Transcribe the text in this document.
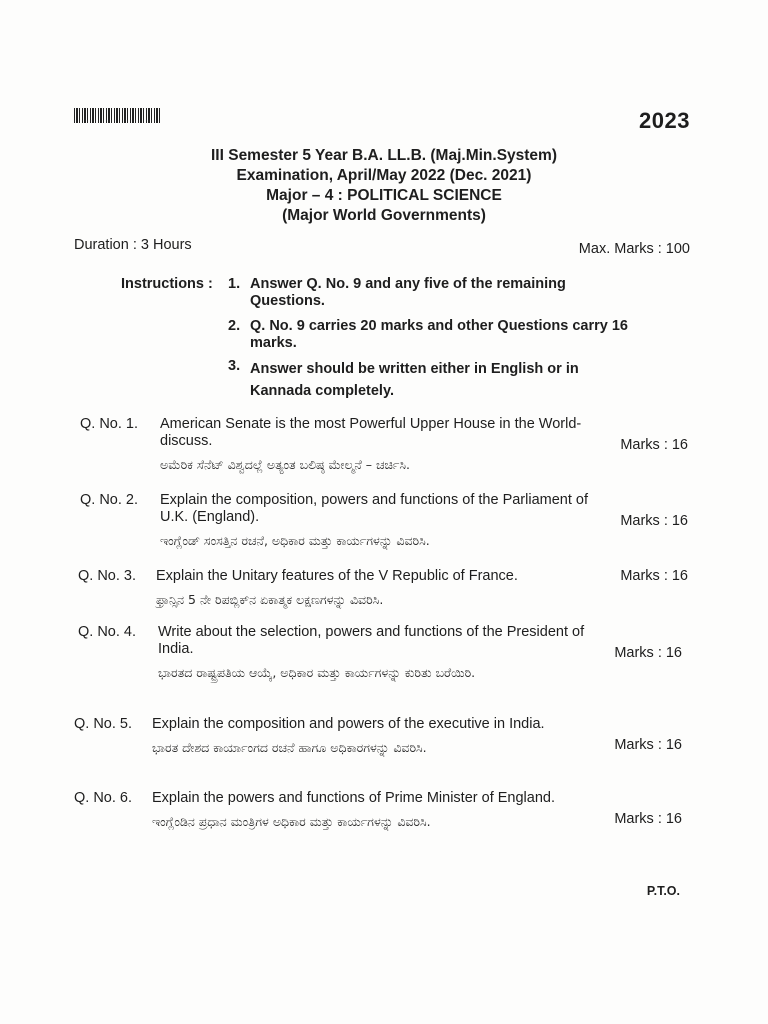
2023
III Semester 5 Year B.A. LL.B. (Maj.Min.System)
Examination, April/May 2022 (Dec. 2021)
Major – 4 : POLITICAL SCIENCE
(Major World Governments)
Duration : 3 Hours	Max. Marks : 100
Instructions :	1. Answer Q. No. 9 and any five of the remaining Questions.
2. Q. No. 9 carries 20 marks and other Questions carry 16 marks.
3. Answer should be written either in English or in Kannada completely.
Q. No. 1. American Senate is the most Powerful Upper House in the World-discuss.
ಅಮೆರಿಕ ಸೆನೆಟ್ ವಿಶ್ವದಲ್ಲೆ ಅತ್ಯಂತ ಬಲಿಷ್ಠ ಮೇಲ್ಮನೆ – ಚರ್ಚಿಸಿ.
Marks : 16
Q. No. 2. Explain the composition, powers and functions of the Parliament of U.K. (England).
ಇಂಗ್ಲೆಂಡ್ ಸಂಸತ್ತಿನ ರಚನೆ, ಅಧಿಕಾರ ಮತ್ತು ಕಾರ್ಯಗಳನ್ನು ವಿವರಿಸಿ.
Marks : 16
Q. No. 3. Explain the Unitary features of the V Republic of France.
ಫ್ರಾನ್ಸಿನ 5 ನೇ ರಿಪಬ್ಲಿಕ್‌ನ ಏಕಾತ್ಮಕ ಲಕ್ಷಣಗಳನ್ನು ವಿವರಿಸಿ.
Marks : 16
Q. No. 4. Write about the selection, powers and functions of the President of India.
ಭಾರತದ ರಾಷ್ಟ್ರಪತಿಯ ಆಯ್ಕೆ, ಅಧಿಕಾರ ಮತ್ತು ಕಾರ್ಯಗಳನ್ನು ಕುರಿತು ಬರೆಯಿರಿ.
Marks : 16
Q. No. 5. Explain the composition and powers of the executive in India.
ಭಾರತ ದೇಶದ ಕಾರ್ಯಾಂಗದ ರಚನೆ ಹಾಗೂ ಅಧಿಕಾರಗಳನ್ನು ವಿವರಿಸಿ.	Marks : 16
Q. No. 6. Explain the powers and functions of Prime Minister of England.
ಇಂಗ್ಲೆಂಡಿನ ಪ್ರಧಾನ ಮಂತ್ರಿಗಳ ಅಧಿಕಾರ ಮತ್ತು ಕಾರ್ಯಗಳನ್ನು ವಿವರಿಸಿ.	Marks : 16
P.T.O.
